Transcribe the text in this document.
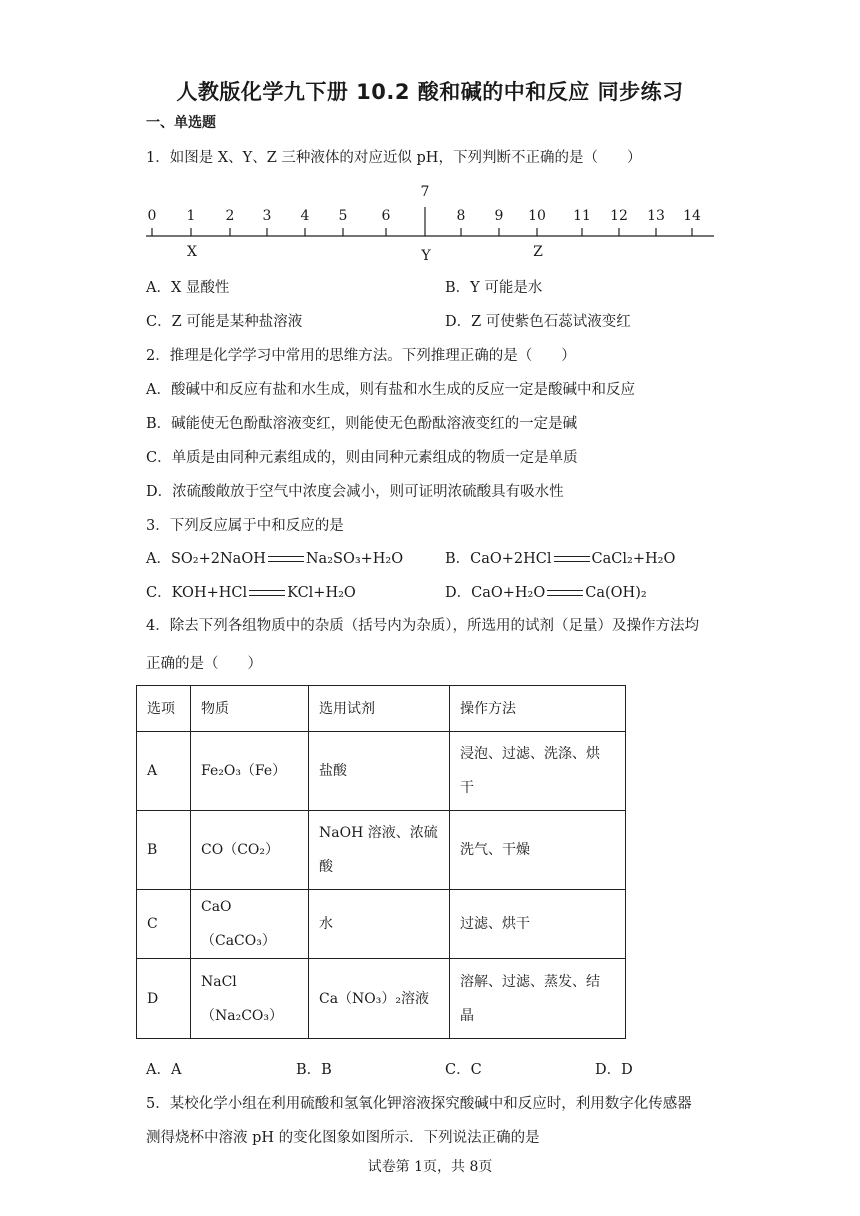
人教版化学九下册 10.2 酸和碱的中和反应 同步练习
一、单选题
1．如图是 X、Y、Z 三种液体的对应近似 pH，下列判断不正确的是（　　）
0 1 2 3 4 5 6
7
8 9 10 11 12 13 14
X	Y	Z
A．X 显酸性	B．Y 可能是水
C．Z 可能是某种盐溶液	D．Z 可使紫色石蕊试液变红
2．推理是化学学习中常用的思维方法。下列推理正确的是（　　）
A．酸碱中和反应有盐和水生成，则有盐和水生成的反应一定是酸碱中和反应
B．碱能使无色酚酞溶液变红，则能使无色酚酞溶液变红的一定是碱
C．单质是由同种元素组成的，则由同种元素组成的物质一定是单质
D．浓硫酸敞放于空气中浓度会减小，则可证明浓硫酸具有吸水性
3．下列反应属于中和反应的是
A．SO₂+2NaOH	Na₂SO₃+H₂O	B．CaO+2HCl	CaCl₂+H₂O
C．KOH+HCl	KCl+H₂O	D．CaO+H₂O	Ca(OH)₂
4．除去下列各组物质中的杂质（括号内为杂质），所选用的试剂（足量）及操作方法均
正确的是（　　）
选项	物质	选用试剂	操作方法
A	Fe₂O₃（Fe）	盐酸	浸泡、过滤、洗涤、烘
干

B	CO（CO₂）	NaOH 溶液、浓硫
酸	洗气、干燥
C	CaO（CaCO₃）	水	过滤、烘干
D	NaCl（Na₂CO₃）	Ca（NO₃）₂溶液	溶解、过滤、蒸发、结
晶
A．A	B．B	C．C	D．D
5．某校化学小组在利用硫酸和氢氧化钾溶液探究酸碱中和反应时，利用数字化传感器
测得烧杯中溶液 pH 的变化图象如图所示．下列说法正确的是
试卷第 1页，共 8页
